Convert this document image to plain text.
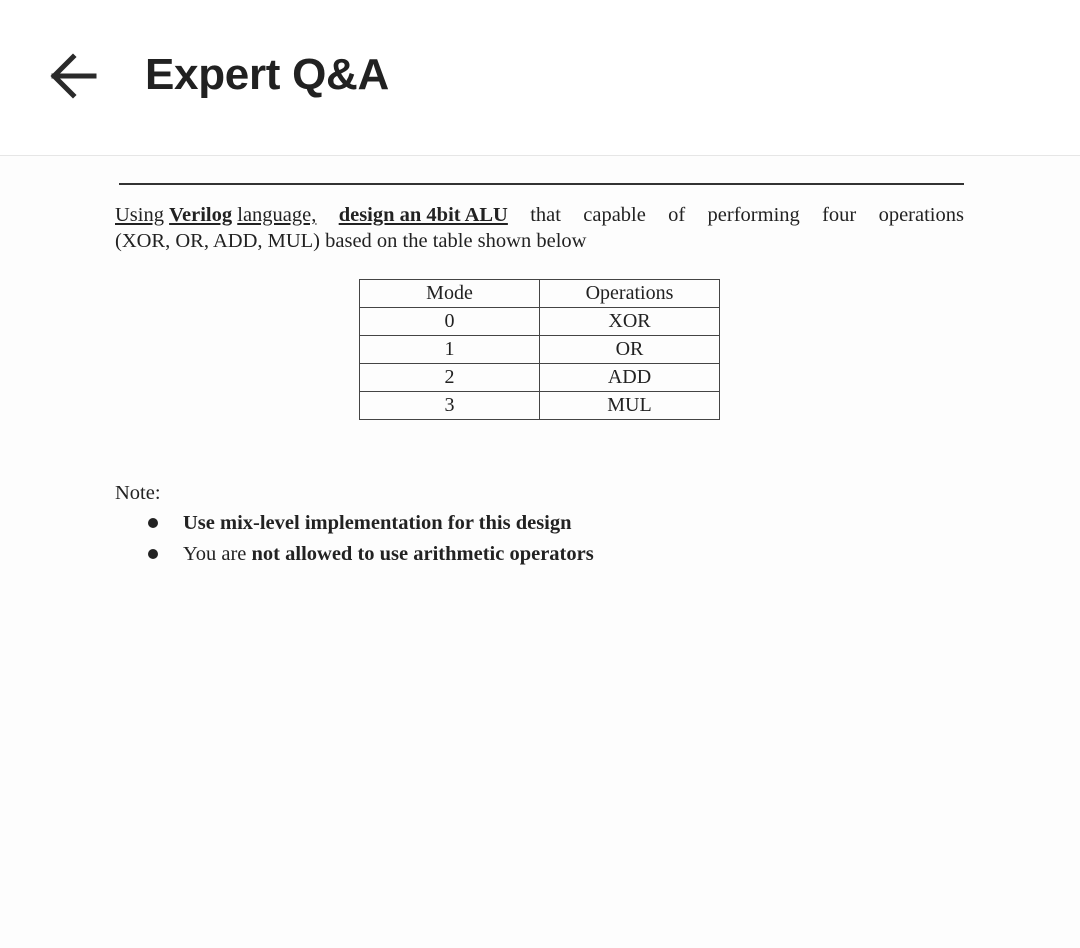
Expert Q&A
Using Verilog language, design an 4bit ALU that capable of performing four operations
(XOR, OR, ADD, MUL) based on the table shown below
Mode	Operations
0	XOR
1	OR
2	ADD
3	MUL
Note:
Use mix-level implementation for this design
You are not allowed to use arithmetic operators
